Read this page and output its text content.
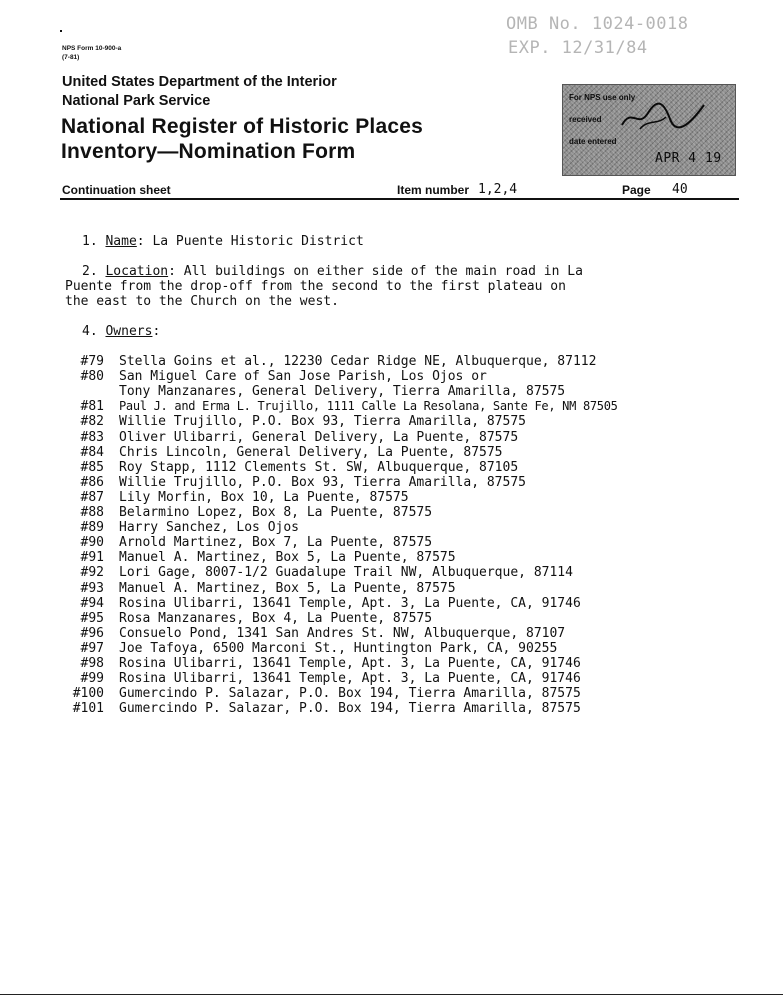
NPS Form 10-900-a
(7-81)
OMB No. 1024-0018
EXP. 12/31/84
United States Department of the Interior
National Park Service
National Register of Historic Places
Inventory—Nomination Form
For NPS use only
received
date entered
APR 4 19
Continuation sheet	Item number 1,2,4	Page 40
1. Name: La Puente Historic District
2. Location: All buildings on either side of the main road in La
Puente from the drop-off from the second to the first plateau on
the east to the Church on the west.
4. Owners:
#79 Stella Goins et al., 12230 Cedar Ridge NE, Albuquerque, 87112
#80 San Miguel Care of San Jose Parish, Los Ojos or
Tony Manzanares, General Delivery, Tierra Amarilla, 87575
#81 Paul J. and Erma L. Trujillo, 1111 Calle La Resolana, Sante Fe, NM 87505
#82 Willie Trujillo, P.O. Box 93, Tierra Amarilla, 87575
#83 Oliver Ulibarri, General Delivery, La Puente, 87575
#84 Chris Lincoln, General Delivery, La Puente, 87575
#85 Roy Stapp, 1112 Clements St. SW, Albuquerque, 87105
#86 Willie Trujillo, P.O. Box 93, Tierra Amarilla, 87575
#87 Lily Morfin, Box 10, La Puente, 87575
#88 Belarmino Lopez, Box 8, La Puente, 87575
#89 Harry Sanchez, Los Ojos
#90 Arnold Martinez, Box 7, La Puente, 87575
#91 Manuel A. Martinez, Box 5, La Puente, 87575
#92 Lori Gage, 8007-1/2 Guadalupe Trail NW, Albuquerque, 87114
#93 Manuel A. Martinez, Box 5, La Puente, 87575
#94 Rosina Ulibarri, 13641 Temple, Apt. 3, La Puente, CA, 91746
#95 Rosa Manzanares, Box 4, La Puente, 87575
#96 Consuelo Pond, 1341 San Andres St. NW, Albuquerque, 87107
#97 Joe Tafoya, 6500 Marconi St., Huntington Park, CA, 90255
#98 Rosina Ulibarri, 13641 Temple, Apt. 3, La Puente, CA, 91746
#99 Rosina Ulibarri, 13641 Temple, Apt. 3, La Puente, CA, 91746
#100 Gumercindo P. Salazar, P.O. Box 194, Tierra Amarilla, 87575
#101 Gumercindo P. Salazar, P.O. Box 194, Tierra Amarilla, 87575
